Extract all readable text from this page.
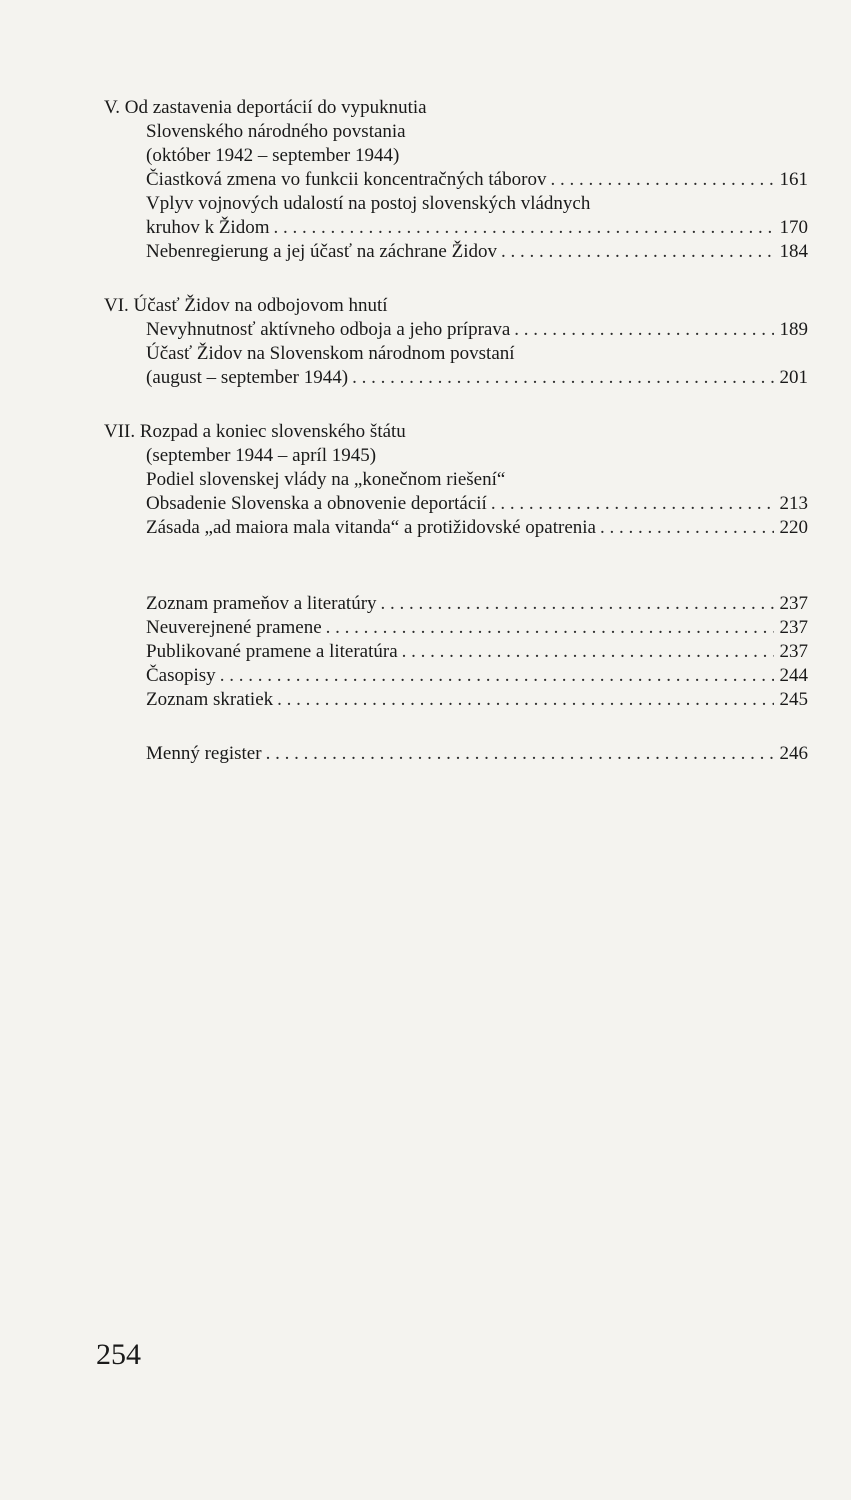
V. Od zastavenia deportácií do vypuknutia
Slovenského národného povstania
(október 1942 – september 1944)
Čiastková zmena vo funkcii koncentračných táborov . . .	161
Vplyv vojnových udalostí na postoj slovenských vládnych
kruhov k Židom . . .	170
Nebenregierung a jej účasť na záchrane Židov . . .	184
VI. Účasť Židov na odbojovom hnutí
Nevyhnutnosť aktívneho odboja a jeho príprava . . .	189
Účasť Židov na Slovenskom národnom povstaní
(august – september 1944) . . .	201
VII. Rozpad a koniec slovenského štátu
(september 1944 – apríl 1945)
Podiel slovenskej vlády na „konečnom riešení“
Obsadenie Slovenska a obnovenie deportácií . . .	213
Zásada „ad maiora mala vitanda“ a protižidovské opatrenia . . .	220
Zoznam prameňov a literatúry . . .	237
Neuverejnené pramene . . .	237
Publikované pramene a literatúra . . .	237
Časopisy . . .	244
Zoznam skratiek . . .	245
Menný register . . .	246
254
